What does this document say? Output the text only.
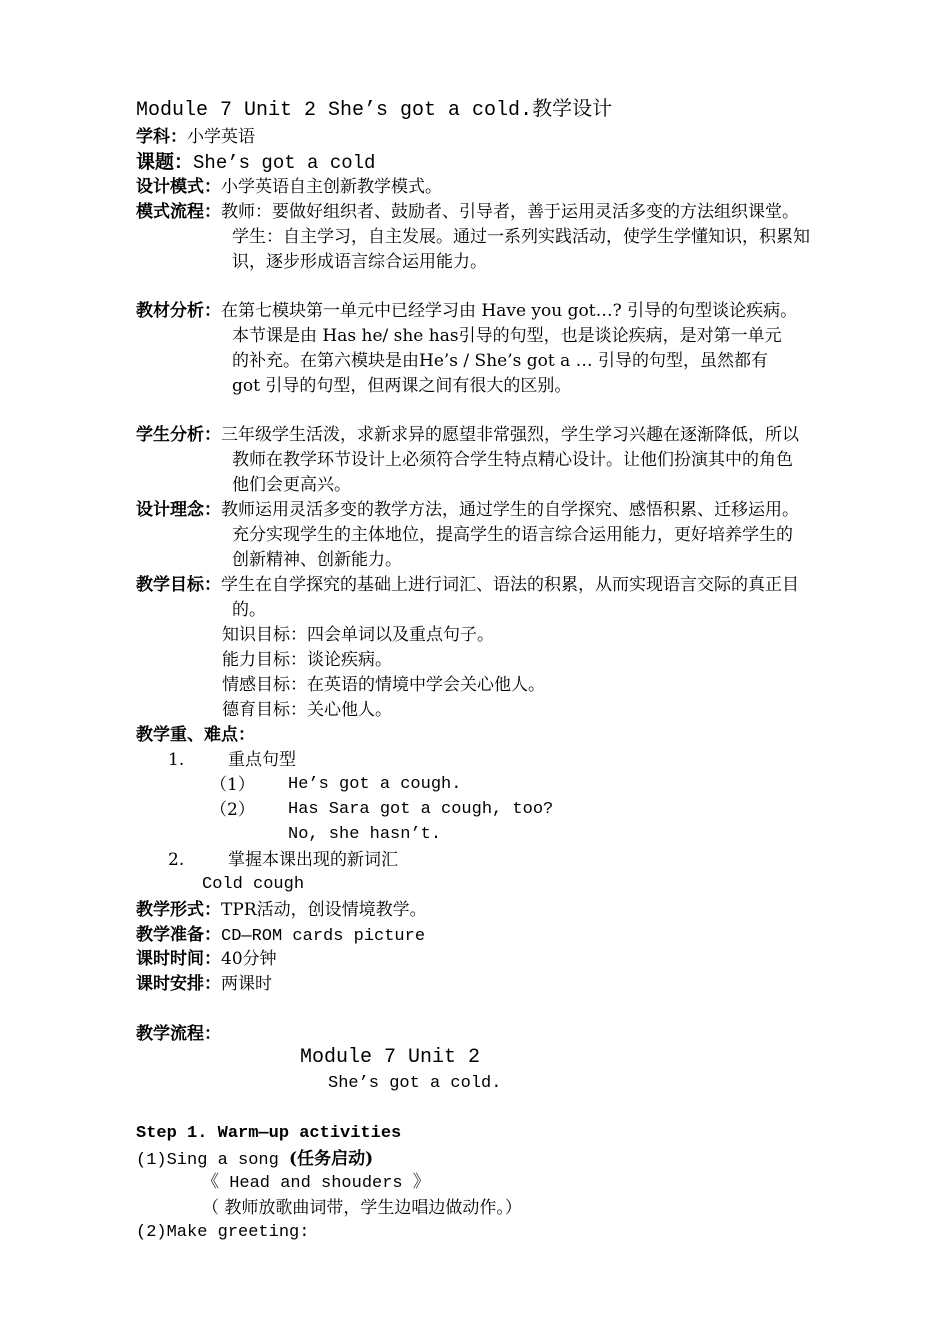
Module 7 Unit 2 She’s got a cold.教学设计
学科：小学英语
课题：She’s got a cold
设计模式：小学英语自主创新教学模式。
模式流程：教师：要做好组织者、鼓励者、引导者，善于运用灵活多变的方法组织课堂。
学生：自主学习，自主发展。通过一系列实践活动，使学生学懂知识，积累知
识，逐步形成语言综合运用能力。
教材分析：在第七模块第一单元中已经学习由 Have you got…? 引导的句型谈论疾病。
本节课是由 Has he/ she has引导的句型，也是谈论疾病，是对第一单元
的补充。在第六模块是由He’s / She’s got a … 引导的句型，虽然都有
got 引导的句型，但两课之间有很大的区别。
学生分析：三年级学生活泼，求新求异的愿望非常强烈，学生学习兴趣在逐渐降低，所以
教师在教学环节设计上必须符合学生特点精心设计。让他们扮演其中的角色
他们会更高兴。
设计理念：教师运用灵活多变的教学方法，通过学生的自学探究、感悟积累、迁移运用。
充分实现学生的主体地位，提高学生的语言综合运用能力，更好培养学生的
创新精神、创新能力。
教学目标：学生在自学探究的基础上进行词汇、语法的积累，从而实现语言交际的真正目
的。
知识目标：四会单词以及重点句子。
能力目标：谈论疾病。
情感目标：在英语的情境中学会关心他人。
德育目标：关心他人。
教学重、难点：
1.	重点句型
（1） He’s got a cough.
（2） Has Sara got a cough, too?
No, she hasn’t.
2.	掌握本课出现的新词汇
Cold cough
教学形式：TPR活动，创设情境教学。
教学准备：CD—ROM cards picture
课时时间：40分钟
课时安排：两课时
教学流程：
Module 7 Unit 2
She’s got a cold.
Step 1. Warm—up activities
(1)Sing a song (任务启动)
《 Head and shouders 》
（ 教师放歌曲词带，学生边唱边做动作。）
(2)Make greeting:
